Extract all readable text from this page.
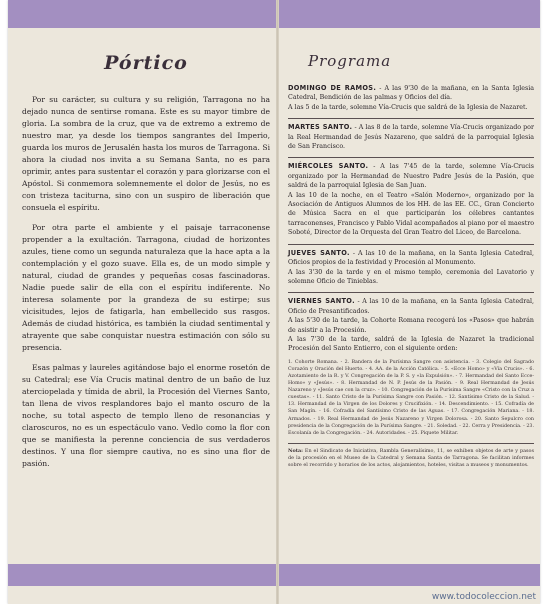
Pórtico

Por su carácter, su cultura y su religión, Tarragona no ha dejado nunca de sentirse romana. Este es su mayor timbre de gloria. La sombra de la cruz, que va de extremo a extremo de nuestro mar, ya desde los tiempos sangrantes del Imperio, guarda los muros de Jerusalén hasta los muros de Tarragona. Si ahora la ciudad nos invita a su Semana Santa, no es para oprimir, antes para sustentar el corazón y para glorizarse con el Apóstol. Si conmemora solemnemente el dolor de Jesús, no es con tristeza taciturna, sino con un suspiro de liberación que consuela el espíritu.

Por otra parte el ambiente y el paisaje tarraconense propender a la exultación. Tarragona, ciudad de horizontes azules, tiene como un segunda naturaleza que la hace apta a la contemplación y el gozo suave. Ella es, de un modo simple y natural, ciudad de grandes y pequeñas cosas fascinadoras. Nadie puede salir de ella con el espíritu indiferente. No interesa solamente por la grandeza de su estirpe; sus vicisitudes, lejos de fatigarla, han embellecido sus rasgos. Además de ciudad histórica, es también la ciudad sentimental y atrayente que sabe conquistar nuestra estimación con sólo su presencia.

Esas palmas y laureles agitándose bajo el enorme rosetón de su Catedral; ese Vía Crucis matinal dentro de un baño de luz aterciopelada y tímida de abril, la Procesión del Viernes Santo, tan llena de vivos resplandores bajo el manto oscuro de la noche, su total aspecto de templo lleno de resonancias y claroscuros, no es un espectáculo vano. Vedlo como la flor con que se manifiesta la perenne conciencia de sus verdaderos destinos. Y una flor siempre cautiva, no es sino una flor de pasión.

Programa
DOMINGO DE RAMOS. - A las 9'30 de la mañana, en la Santa Iglesia Catedral, Bendición de las palmas y Oficios del día.
A las 5 de la tarde, solemne Vía-Crucis que saldrá de la Iglesia de Nazaret.
MARTES SANTO. - A las 8 de la tarde, solemne Vía-Crucis organizado por la Real Hermandad de Jesús Nazareno, que saldrá de la parroquial Iglesia de San Francisco.
MIÉRCOLES SANTO. - A las 7'45 de la tarde, solemne Vía-Crucis organizado por la Hermandad de Nuestro Padre Jesús de la Pasión, que saldrá de la parroquial Iglesia de San Juan.
A las 10 de la noche, en el Teatro «Salón Moderno», organizado por la Asociación de Antiguos Alumnos de los HH. de las EE. CC., Gran Concierto de Música Sacra en el que participarán los célebres cantantes tarraconenses, Francisco y Pablo Vidal acompañados al piano por el maestro Soboté, Director de la Orquesta del Gran Teatro del Liceo, de Barcelona.
JUEVES SANTO. - A las 10 de la mañana, en la Santa Iglesia Catedral, Oficios propios de la festividad y Procesión al Monumento.
A las 3'30 de la tarde y en el mismo templo, ceremonia del Lavatorio y solemne Oficio de Tinieblas.
VIERNES SANTO. - A las 10 de la mañana, en la Santa Iglesia Catedral, Oficio de Presantificados.
A las 5'30 de la tarde, la Cohorte Romana recogerá los «Pasos» que habrán de asistir a la Procesión.
A las 7'30 de la tarde, saldrá de la Iglesia de Nazaret la tradicional Procesión del Santo Entierro, con el siguiente orden:

1. Cohorte Romana. - 2. Bandera de la Purísima Sangre con asistencia. - 3. Colegio del Sagrado Corazón y Oración del Huerto. - 4. AA. de la Acción Católica. - 5. «Ecce Homo» y «Vía Crucis». - 6. Azotamiento de la R. y V. Congregación de la P. S. y «la Expulsión». - 7. Hermandad del Santo Ecce-Homo» y «Jesús». - 8. Hermandad de N. P. Jesús de la Pasión. - 9. Real Hermandad de Jesús Nazareno y «Jesús cae con la cruz». - 10. Congregación de la Purísima Sangre «Cristo con la Cruz a cuestas». - 11. Santo Cristo de la Purísima Sangre con Pasión. - 12. Santísimo Cristo de la Salud. - 13. Hermandad de la Virgen de los Dolores y Crucifixión. - 14. Descendimiento. - 15. Cofradía de San Magín. - 16. Cofradía del Santísimo Cristo de las Aguas. - 17. Congregación Mariana. - 18. Armados. - 19. Real Hermandad de Jesús Nazareno y Virgen Dolorosa. - 20. Santo Sepulcro con presidencia de la Congregación de la Purísima Sangre. - 21. Soledad. - 22. Cerra y Presidencia. - 23. Escolanía de la Congregación. - 24. Autoridades. - 25. Piquete Militar.

Nota: En el Sindicato de Iniciativa, Rambla Generalísimo, 11, se exhiben objetos de arte y pasos de la procesión en el Museo de la Catedral y Semana Santa de Tarragona. Se facilitan informes sobre el recorrido y horarios de los actos, alojamientos, hoteles, visitas a museos y monumentos.

www.todocoleccion.net
